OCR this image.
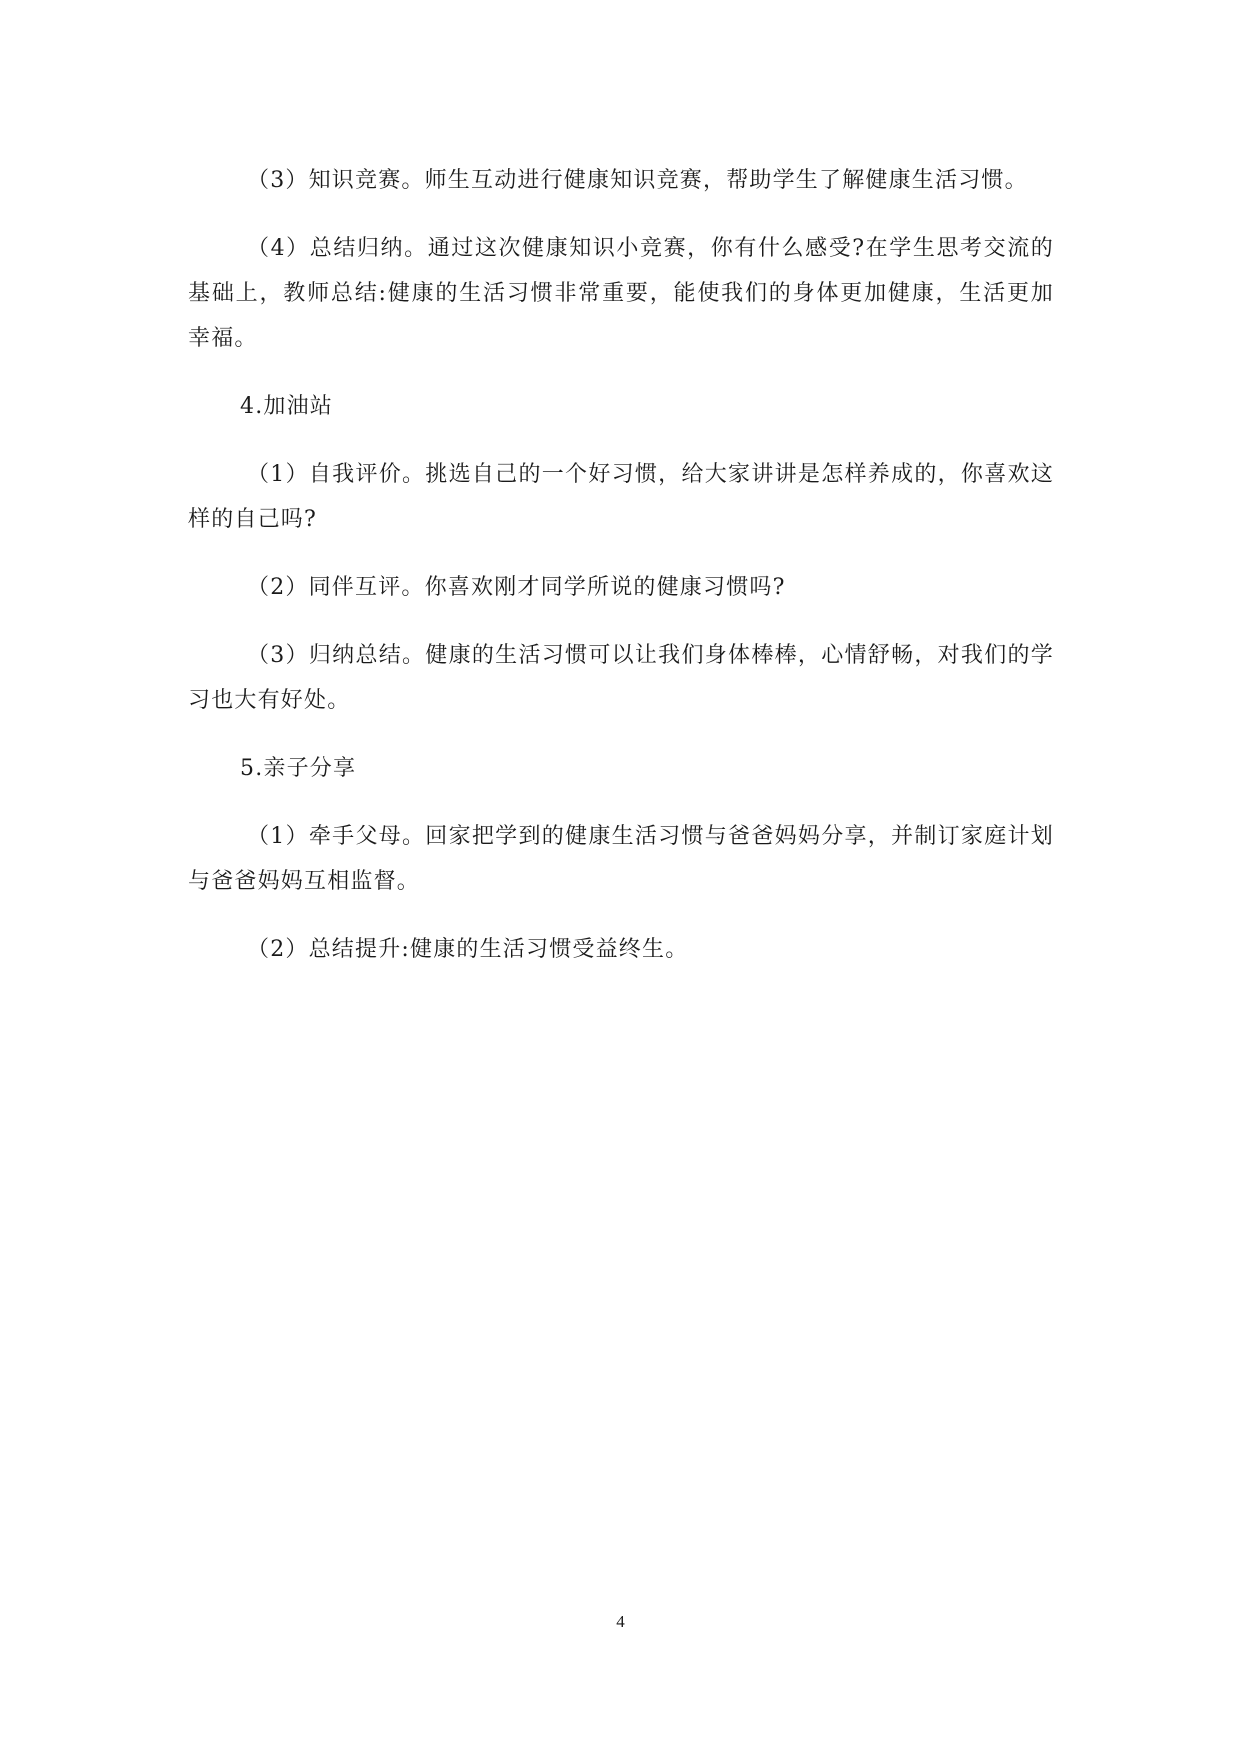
（3）知识竞赛。师生互动进行健康知识竞赛，帮助学生了解健康生活习惯。

（4）总结归纳。通过这次健康知识小竞赛，你有什么感受?在学生思考交流的基础上，教师总结:健康的生活习惯非常重要，能使我们的身体更加健康，生活更加幸福。

4.加油站

（1）自我评价。挑选自己的一个好习惯，给大家讲讲是怎样养成的，你喜欢这样的自己吗?

（2）同伴互评。你喜欢刚才同学所说的健康习惯吗?

（3）归纳总结。健康的生活习惯可以让我们身体棒棒，心情舒畅，对我们的学习也大有好处。

5.亲子分享

（1）牵手父母。回家把学到的健康生活习惯与爸爸妈妈分享，并制订家庭计划与爸爸妈妈互相监督。

（2）总结提升:健康的生活习惯受益终生。

4
